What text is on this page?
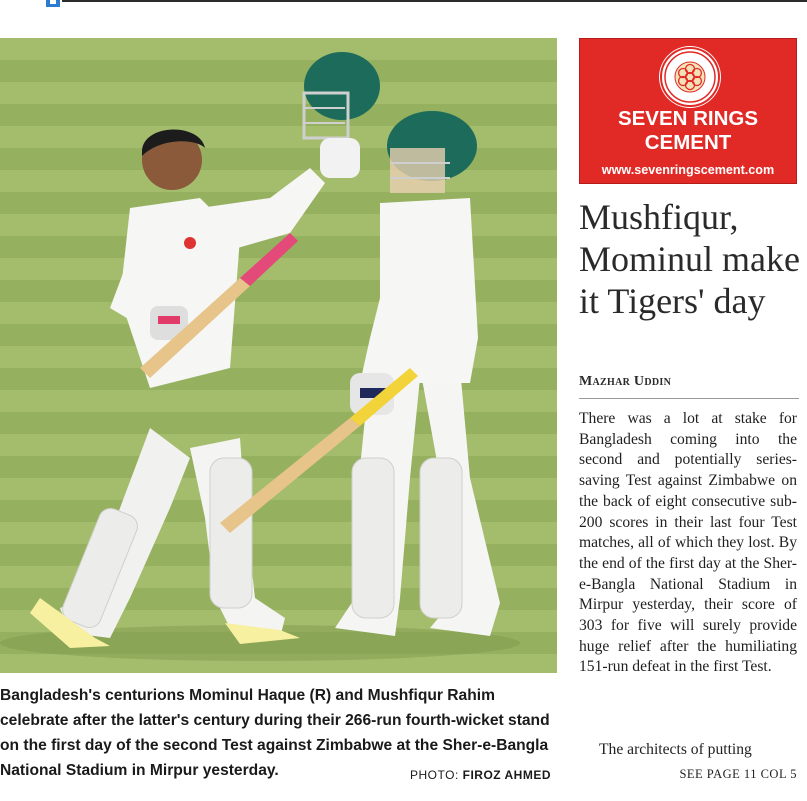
Bangladesh's centurions Mominul Haque (R) and Mushfiqur Rahim celebrate after the latter's century during their 266-run fourth-wicket stand on the first day of the second Test against Zimbabwe at the Sher-e-Bangla National Stadium in Mirpur yesterday.	PHOTO: FIROZ AHMED
SEVEN RINGS
CEMENT
www.sevenringscement.com
Mushfiqur, Mominul make it Tigers' day
Mazhar Uddin

There was a lot at stake for Bangladesh coming into the second and potentially series-saving Test against Zimbabwe on the back of eight consecutive sub-200 scores in their last four Test matches, all of which they lost. By the end of the first day at the Sher-e-Bangla National Stadium in Mirpur yesterday, their score of 303 for five will surely provide huge relief after the humiliating 151-run defeat in the first Test.

The architects of putting

SEE PAGE 11 COL 5
